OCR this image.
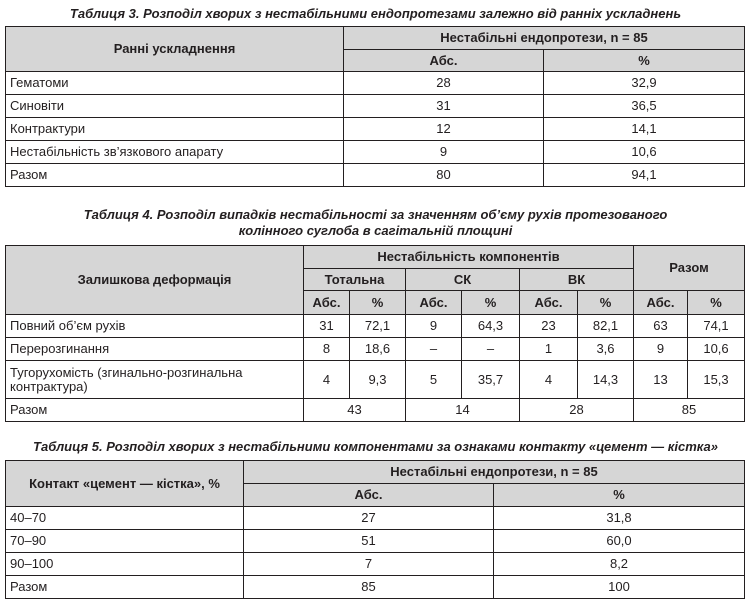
Таблиця 3. Розподіл хворих з нестабільними ендопротезами залежно від ранніх ускладнень
Ранні ускладнення	Нестабільні ендопротези, n = 85	
	Абс.	%
Гематоми	28	32,9
Синовіти	31	36,5
Контрактури	12	14,1
Нестабільність зв’язкового апарату	9	10,6
Разом	80	94,1
Таблиця 4. Розподіл випадків нестабільності за значенням об’єму рухів протезованого
колінного суглоба в сагітальній площині
Залишкова деформація	Нестабільність компонентів						Разом	
	Тотальна		СК		ВК			
	Абс.	%	Абс.	%	Абс.	%	Абс.	%
Повний об’єм рухів	31	72,1	9	64,3	23	82,1	63	74,1
Перерозгинання	8	18,6	–	–	1	3,6	9	10,6
Тугорухомість (згинально-розгинальна контрактура)	4	9,3	5	35,7	4	14,3	13	15,3
Разом	43		14		28		85	
Таблиця 5. Розподіл хворих з нестабільними компонентами за ознаками контакту «цемент — кістка»
Контакт «цемент — кістка», %	Нестабільні ендопротези, n = 85	
	Абс.	%
40–70	27	31,8
70–90	51	60,0
90–100	7	8,2
Разом	85	100
